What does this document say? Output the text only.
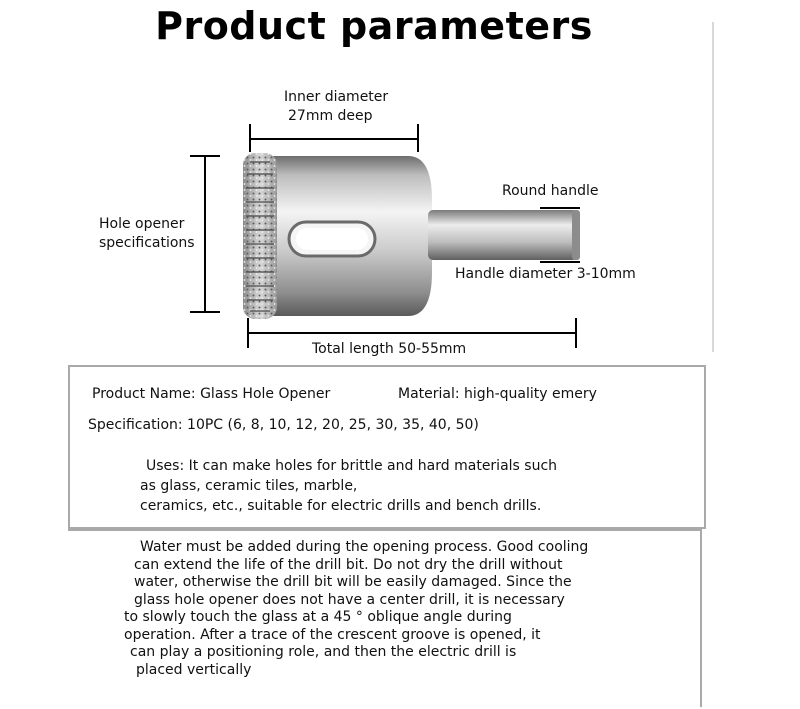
Product parameters
Inner diameter
27mm deep
Hole opener
specifications
Round handle
Handle diameter 3-10mm
Total length 50-55mm
Product Name: Glass Hole Opener	Material: high-quality emery
Specification: 10PC (6, 8, 10, 12, 20, 25, 30, 35, 40, 50)
Uses: It can make holes for brittle and hard materials such
as glass, ceramic tiles, marble,
ceramics, etc., suitable for electric drills and bench drills.
Water must be added during the opening process. Good cooling
can extend the life of the drill bit. Do not dry the drill without
water, otherwise the drill bit will be easily damaged. Since the
glass hole opener does not have a center drill, it is necessary
to slowly touch the glass at a 45 ° oblique angle during
operation. After a trace of the crescent groove is opened, it
can play a positioning role, and then the electric drill is
placed vertically
